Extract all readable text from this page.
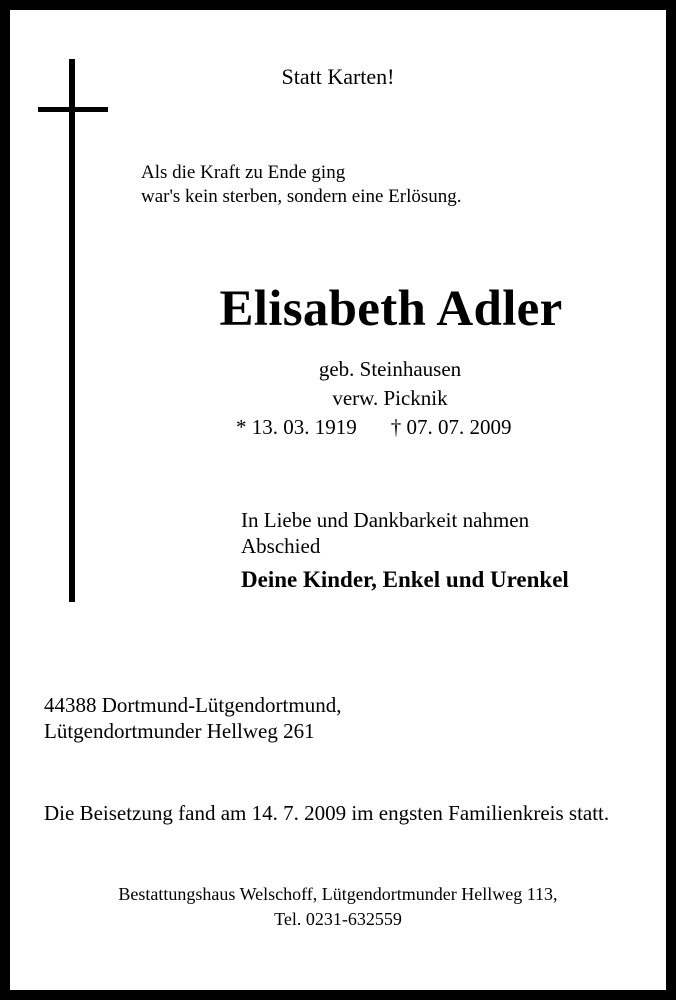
Statt Karten!
Als die Kraft zu Ende ging
war's kein sterben, sondern eine Erlösung.
Elisabeth Adler
geb. Steinhausen
verw. Picknik
* 13. 03. 1919 † 07. 07. 2009
In Liebe und Dankbarkeit nahmen Abschied
Deine Kinder, Enkel und Urenkel
44388 Dortmund-Lütgendortmund,
Lütgendortmunder Hellweg 261
Die Beisetzung fand am 14. 7. 2009 im engsten Familienkreis statt.
Bestattungshaus Welschoff, Lütgendortmunder Hellweg 113,
Tel. 0231-632559
